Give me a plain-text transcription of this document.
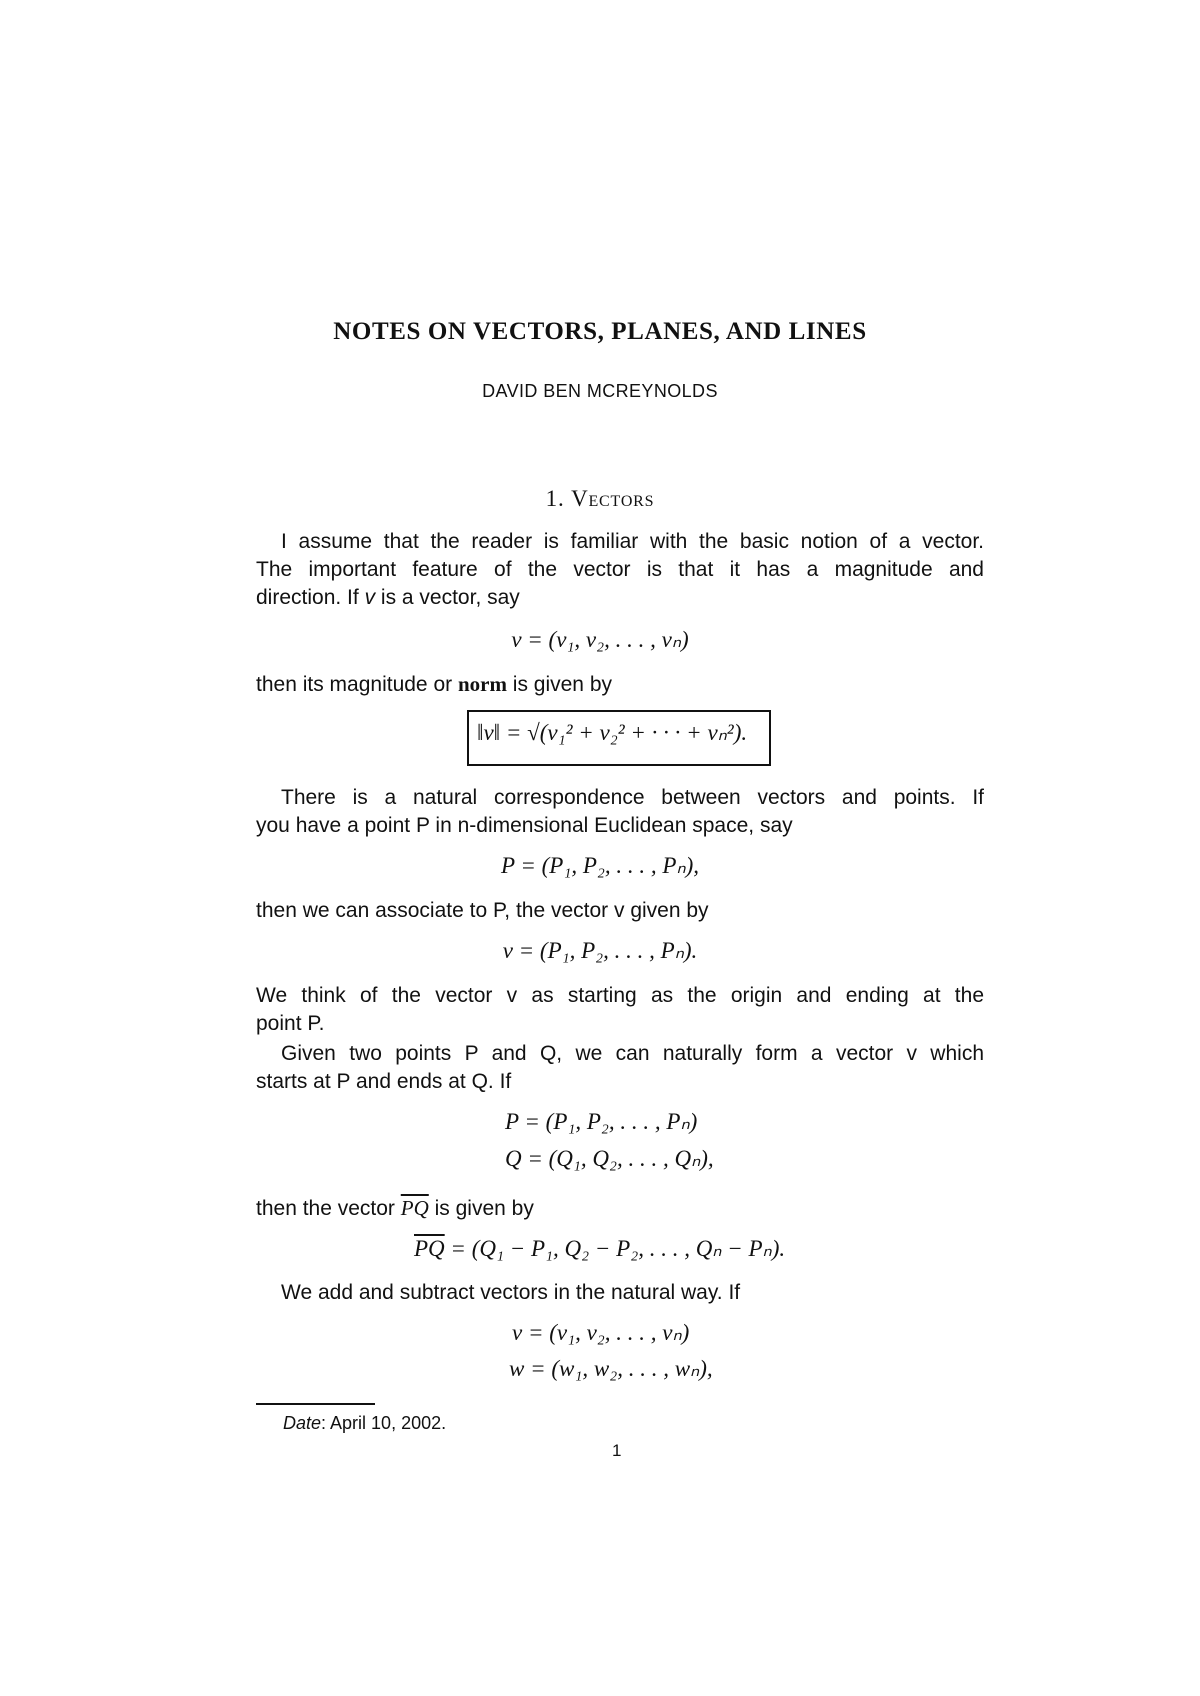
NOTES ON VECTORS, PLANES, AND LINES
DAVID BEN MCREYNOLDS
1. Vectors
I assume that the reader is familiar with the basic notion of a vector.
The important feature of the vector is that it has a magnitude and
direction. If v is a vector, say
v = (v₁, v₂, . . . , vₙ)
then its magnitude or norm is given by
‖v‖ = √(v₁² + v₂² + · · · + vₙ²).
There is a natural correspondence between vectors and points. If
you have a point P in n-dimensional Euclidean space, say
P = (P₁, P₂, . . . , Pₙ),
then we can associate to P, the vector v given by
v = (P₁, P₂, . . . , Pₙ).
We think of the vector v as starting as the origin and ending at the
point P.
Given two points P and Q, we can naturally form a vector v which
starts at P and ends at Q. If
P = (P₁, P₂, . . . , Pₙ)
Q = (Q₁, Q₂, . . . , Qₙ),
then the vector $\overline{PQ}$ is given by
$\overline{PQ} = (Q_1 - P_1$, Q₂ − P₂, . . . , Qₙ − Pₙ).
We add and subtract vectors in the natural way. If
v = (v₁, v₂, . . . , vₙ)
w = (w₁, w₂, . . . , wₙ),
Date: April 10, 2002.
1
